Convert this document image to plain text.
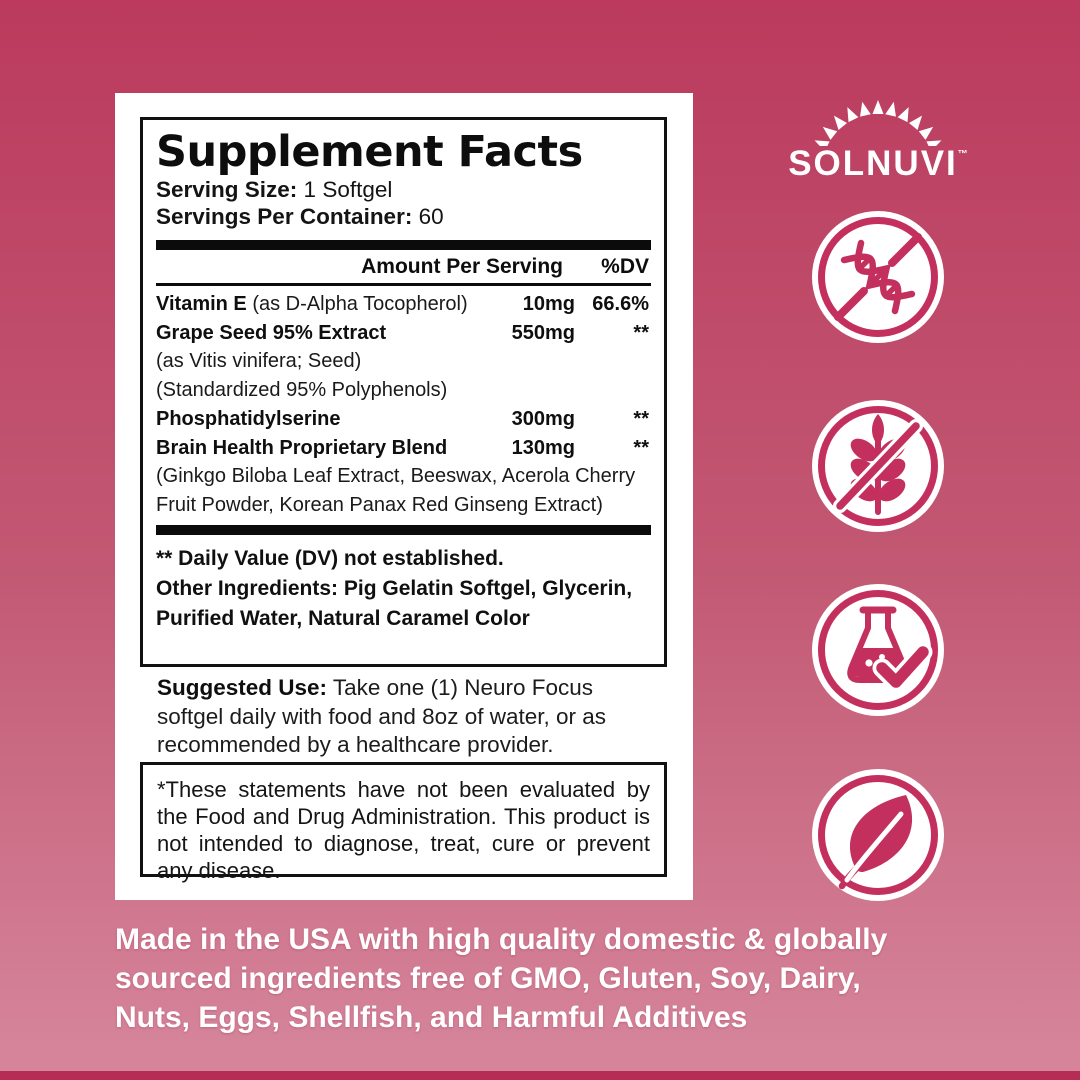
Supplement Facts
Serving Size: 1 Softgel
Servings Per Container: 60
Amount Per Serving	%DV
Vitamin E (as D-Alpha Tocopherol)	10mg 66.6%
Grape Seed 95% Extract	550mg	**
(as Vitis vinifera; Seed)
(Standardized 95% Polyphenols)
Phosphatidylserine	300mg	**
Brain Health Proprietary Blend	130mg	**
(Ginkgo Biloba Leaf Extract, Beeswax, Acerola Cherry
Fruit Powder, Korean Panax Red Ginseng Extract)
** Daily Value (DV) not established.
Other Ingredients: Pig Gelatin Softgel, Glycerin,
Purified Water, Natural Caramel Color
Suggested Use: Take one (1) Neuro Focus softgel daily with food and 8oz of water, or as recommended by a healthcare provider.
*These statements have not been evaluated by the Food and Drug Administration. This product is not intended to diagnose, treat, cure or prevent any disease.
SOLNUVI™
Made in the USA with high quality domestic & globally
sourced ingredients free of GMO, Gluten, Soy, Dairy,
Nuts, Eggs, Shellfish, and Harmful Additives
